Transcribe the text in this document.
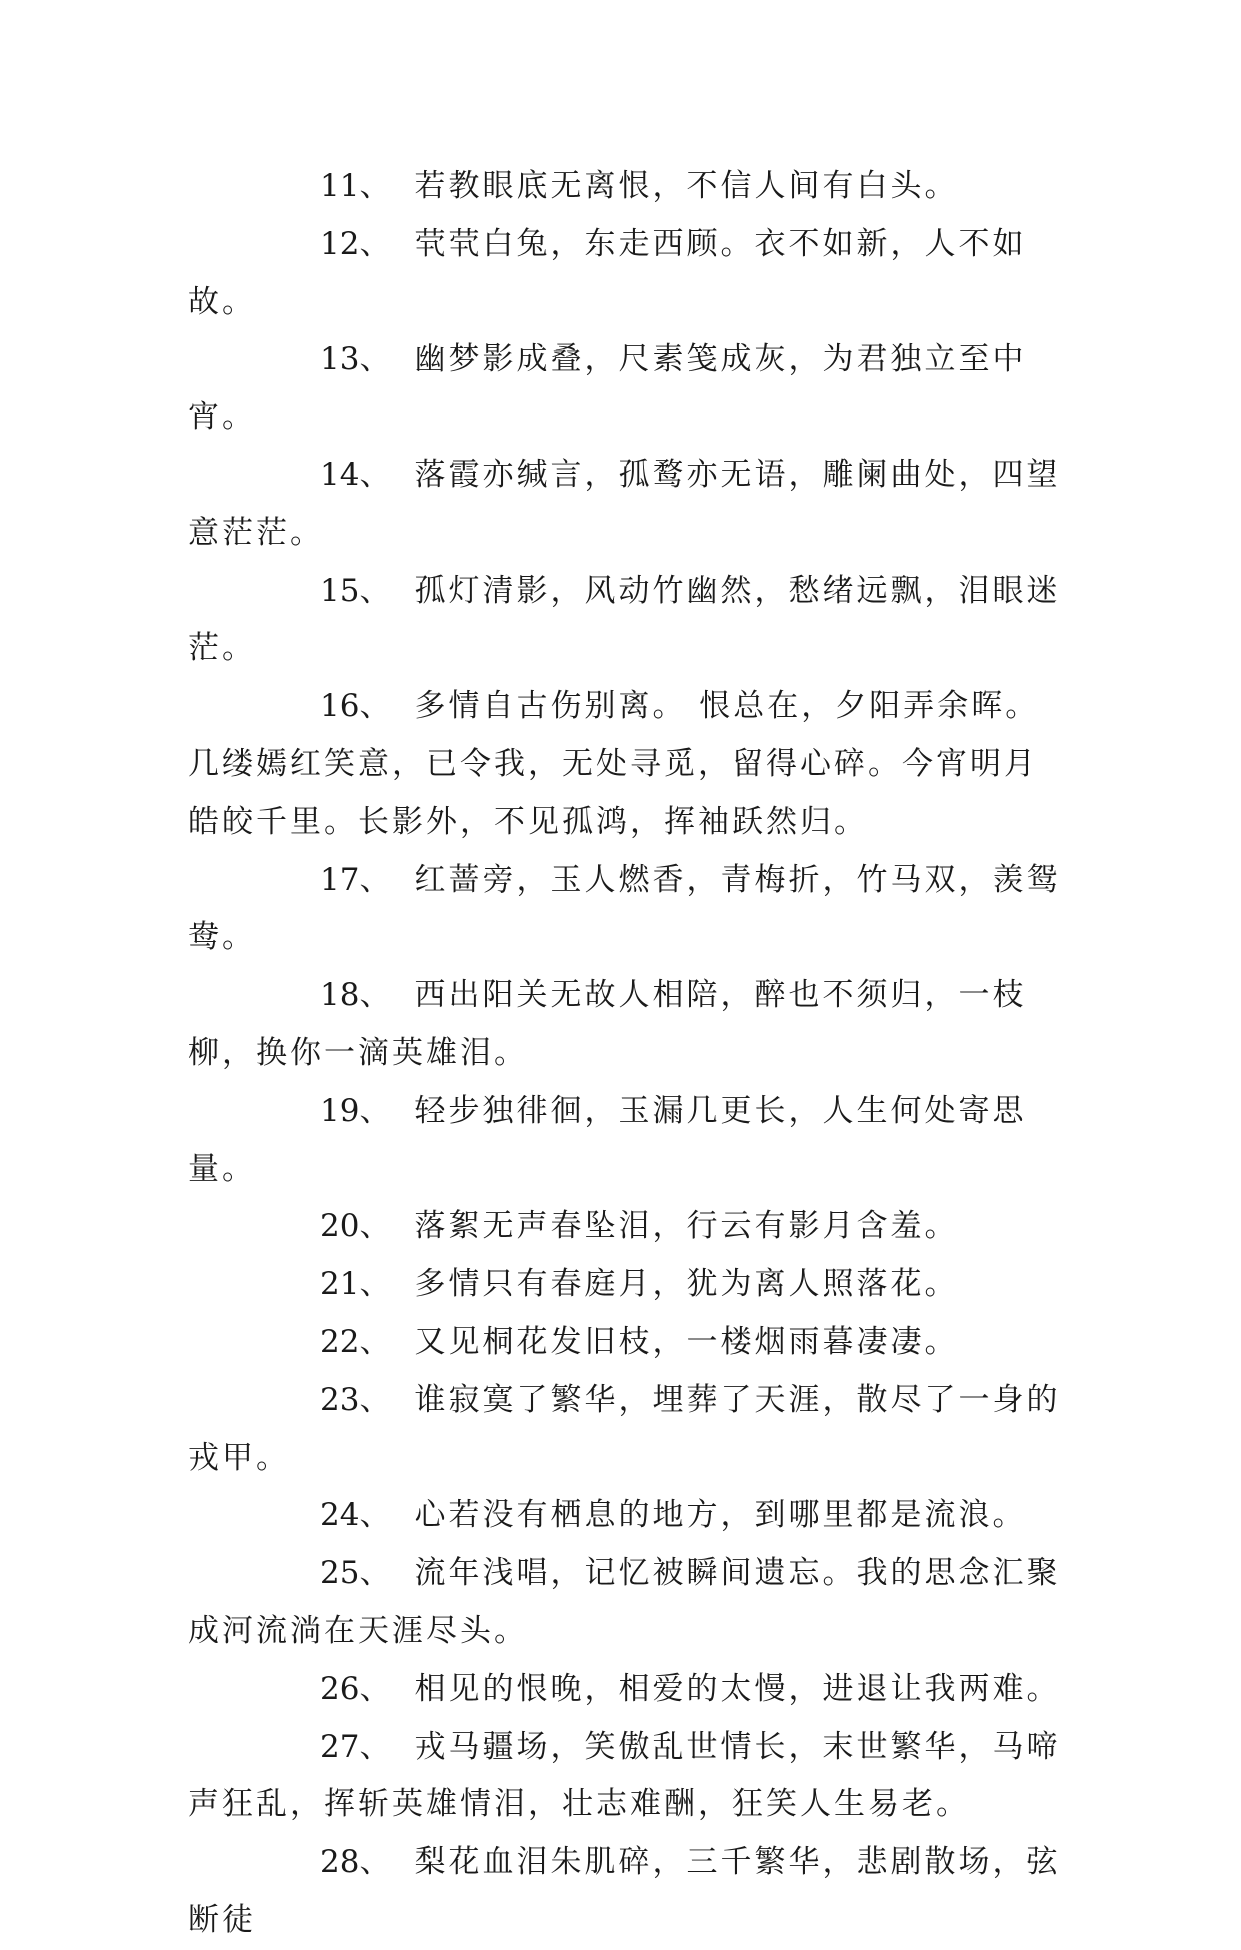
11、 若教眼底无离恨，不信人间有白头。

12、 茕茕白兔，东走西顾。衣不如新，人不如故。

13、 幽梦影成叠，尺素笺成灰，为君独立至中宵。

14、 落霞亦缄言，孤鹜亦无语，雕阑曲处，四望意茫茫。

15、 孤灯清影，风动竹幽然，愁绪远飘，泪眼迷茫。

16、 多情自古伤别离。 恨总在，夕阳弄余晖。 几缕嫣红笑意，已令我，无处寻觅，留得心碎。今宵明月皓皎千里。长影外，不见孤鸿，挥袖跃然归。

17、 红蔷旁，玉人燃香，青梅折，竹马双，羡鸳鸯。

18、 西出阳关无故人相陪，醉也不须归，一枝柳，换你一滴英雄泪。

19、 轻步独徘徊，玉漏几更长，人生何处寄思量。

20、 落絮无声春坠泪，行云有影月含羞。

21、 多情只有春庭月，犹为离人照落花。

22、 又见桐花发旧枝，一楼烟雨暮凄凄。

23、 谁寂寞了繁华，埋葬了天涯，散尽了一身的戎甲。

24、 心若没有栖息的地方，到哪里都是流浪。

25、 流年浅唱，记忆被瞬间遗忘。我的思念汇聚成河流淌在天涯尽头。

26、 相见的恨晚，相爱的太慢，进退让我两难。

27、 戎马疆场，笑傲乱世情长，末世繁华，马啼声狂乱，挥斩英雄情泪，壮志难酬，狂笑人生易老。

28、 梨花血泪朱肌碎，三千繁华，悲剧散场，弦断徒
